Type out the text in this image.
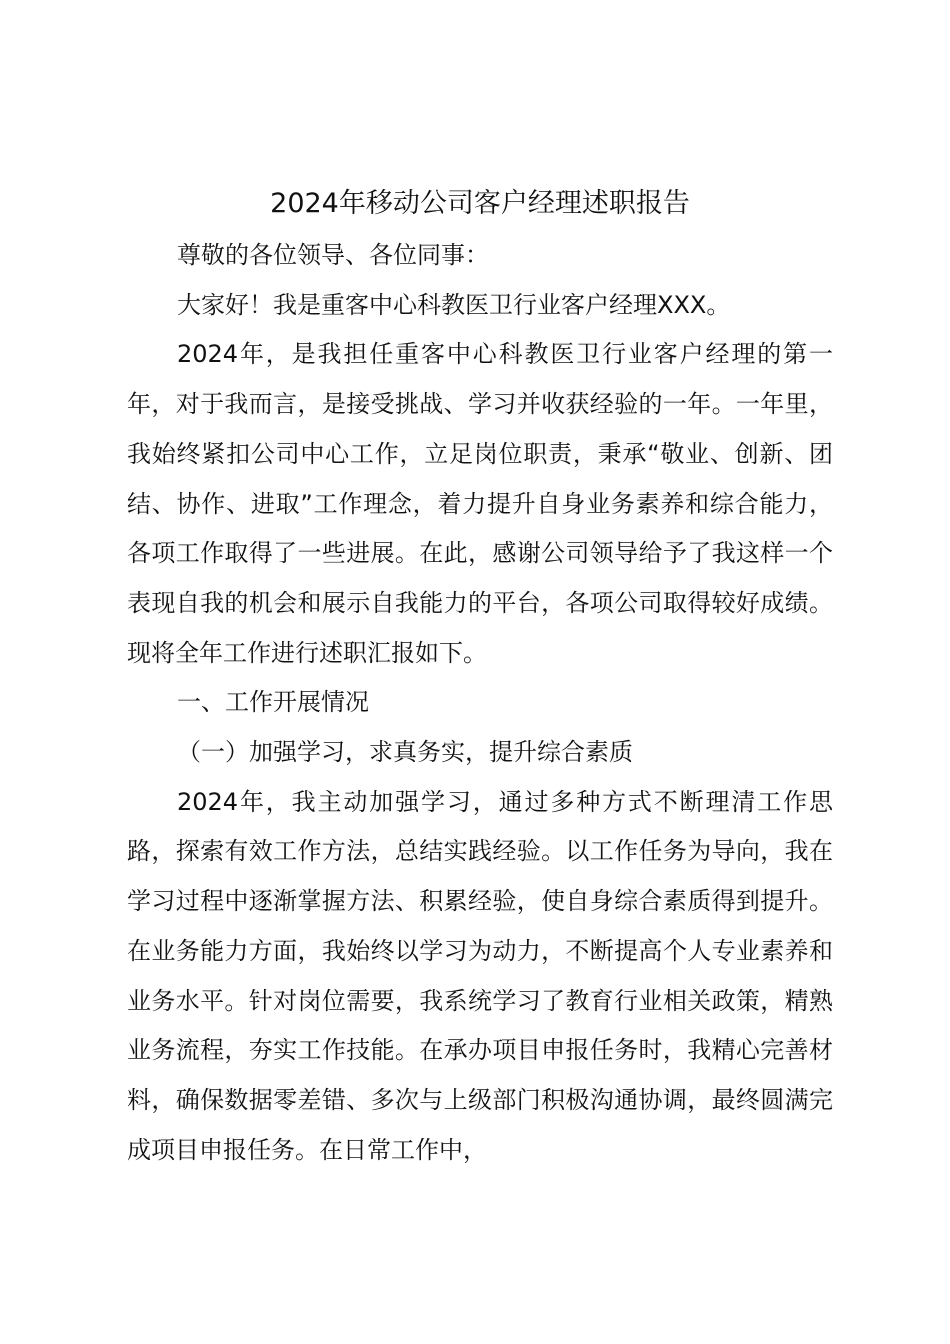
2024年移动公司客户经理述职报告

尊敬的各位领导、各位同事：

大家好！我是重客中心科教医卫行业客户经理XXX。

2024年，是我担任重客中心科教医卫行业客户经理的第一年，对于我而言，是接受挑战、学习并收获经验的一年。一年里，我始终紧扣公司中心工作，立足岗位职责，秉承“敬业、创新、团结、协作、进取”工作理念，着力提升自身业务素养和综合能力，各项工作取得了一些进展。在此，感谢公司领导给予了我这样一个表现自我的机会和展示自我能力的平台，各项公司取得较好成绩。现将全年工作进行述职汇报如下。

一、工作开展情况

（一）加强学习，求真务实，提升综合素质

2024年，我主动加强学习，通过多种方式不断理清工作思路，探索有效工作方法，总结实践经验。以工作任务为导向，我在学习过程中逐渐掌握方法、积累经验，使自身综合素质得到提升。在业务能力方面，我始终以学习为动力，不断提高个人专业素养和业务水平。针对岗位需要，我系统学习了教育行业相关政策，精熟业务流程，夯实工作技能。在承办项目申报任务时，我精心完善材料，确保数据零差错、多次与上级部门积极沟通协调，最终圆满完成项目申报任务。在日常工作中，
